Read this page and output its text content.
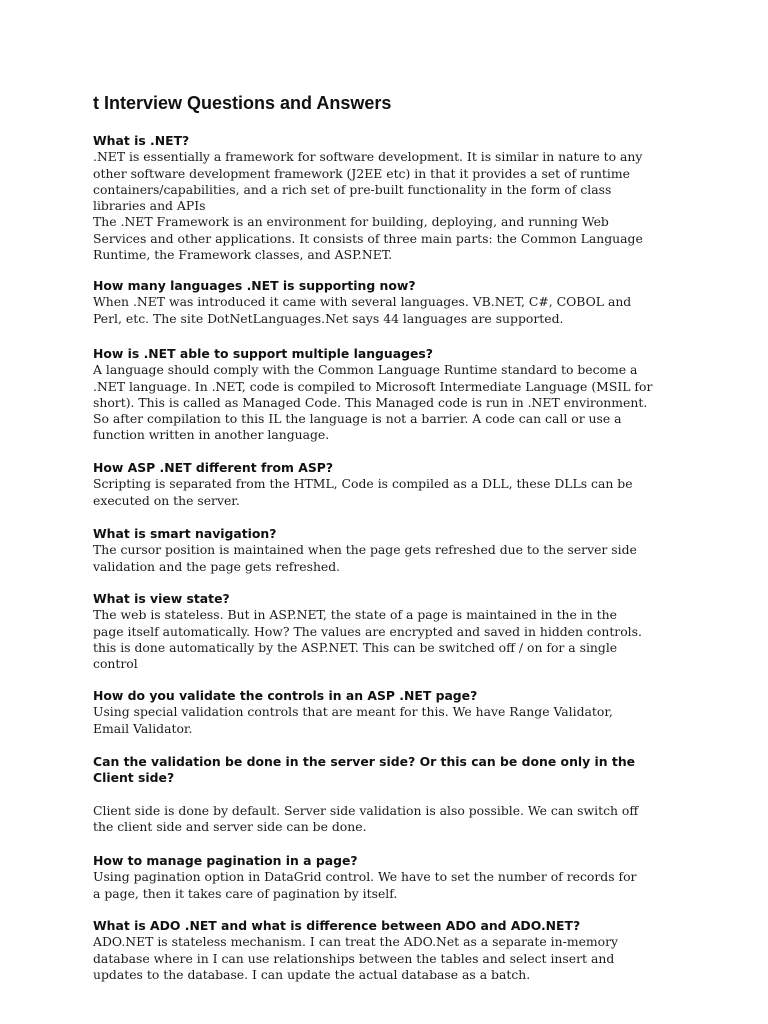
t Interview Questions and Answers

What is .NET?

.NET is essentially a framework for software development. It is similar in nature to any

other software development framework (J2EE etc) in that it provides a set of runtime

containers/capabilities, and a rich set of pre-built functionality in the form of class

libraries and APIs

The .NET Framework is an environment for building, deploying, and running Web

Services and other applications. It consists of three main parts: the Common Language

Runtime, the Framework classes, and ASP.NET.

How many languages .NET is supporting now?

When .NET was introduced it came with several languages. VB.NET, C#, COBOL and

Perl, etc. The site DotNetLanguages.Net says 44 languages are supported.

How is .NET able to support multiple languages?

A language should comply with the Common Language Runtime standard to become a

.NET language. In .NET, code is compiled to Microsoft Intermediate Language (MSIL for

short). This is called as Managed Code. This Managed code is run in .NET environment.

So after compilation to this IL the language is not a barrier. A code can call or use a

function written in another language.

How ASP .NET different from ASP?

Scripting is separated from the HTML, Code is compiled as a DLL, these DLLs can be

executed on the server.

What is smart navigation?

The cursor position is maintained when the page gets refreshed due to the server side

validation and the page gets refreshed.

What is view state?

The web is stateless. But in ASP.NET, the state of a page is maintained in the in the

page itself automatically. How? The values are encrypted and saved in hidden controls.

this is done automatically by the ASP.NET. This can be switched off / on for a single

control

How do you validate the controls in an ASP .NET page?

Using special validation controls that are meant for this. We have Range Validator,

Email Validator.

Can the validation be done in the server side? Or this can be done only in the

Client side?

Client side is done by default. Server side validation is also possible. We can switch off

the client side and server side can be done.

How to manage pagination in a page?

Using pagination option in DataGrid control. We have to set the number of records for

a page, then it takes care of pagination by itself.

What is ADO .NET and what is difference between ADO and ADO.NET?

ADO.NET is stateless mechanism. I can treat the ADO.Net as a separate in-memory

database where in I can use relationships between the tables and select insert and

updates to the database. I can update the actual database as a batch.
